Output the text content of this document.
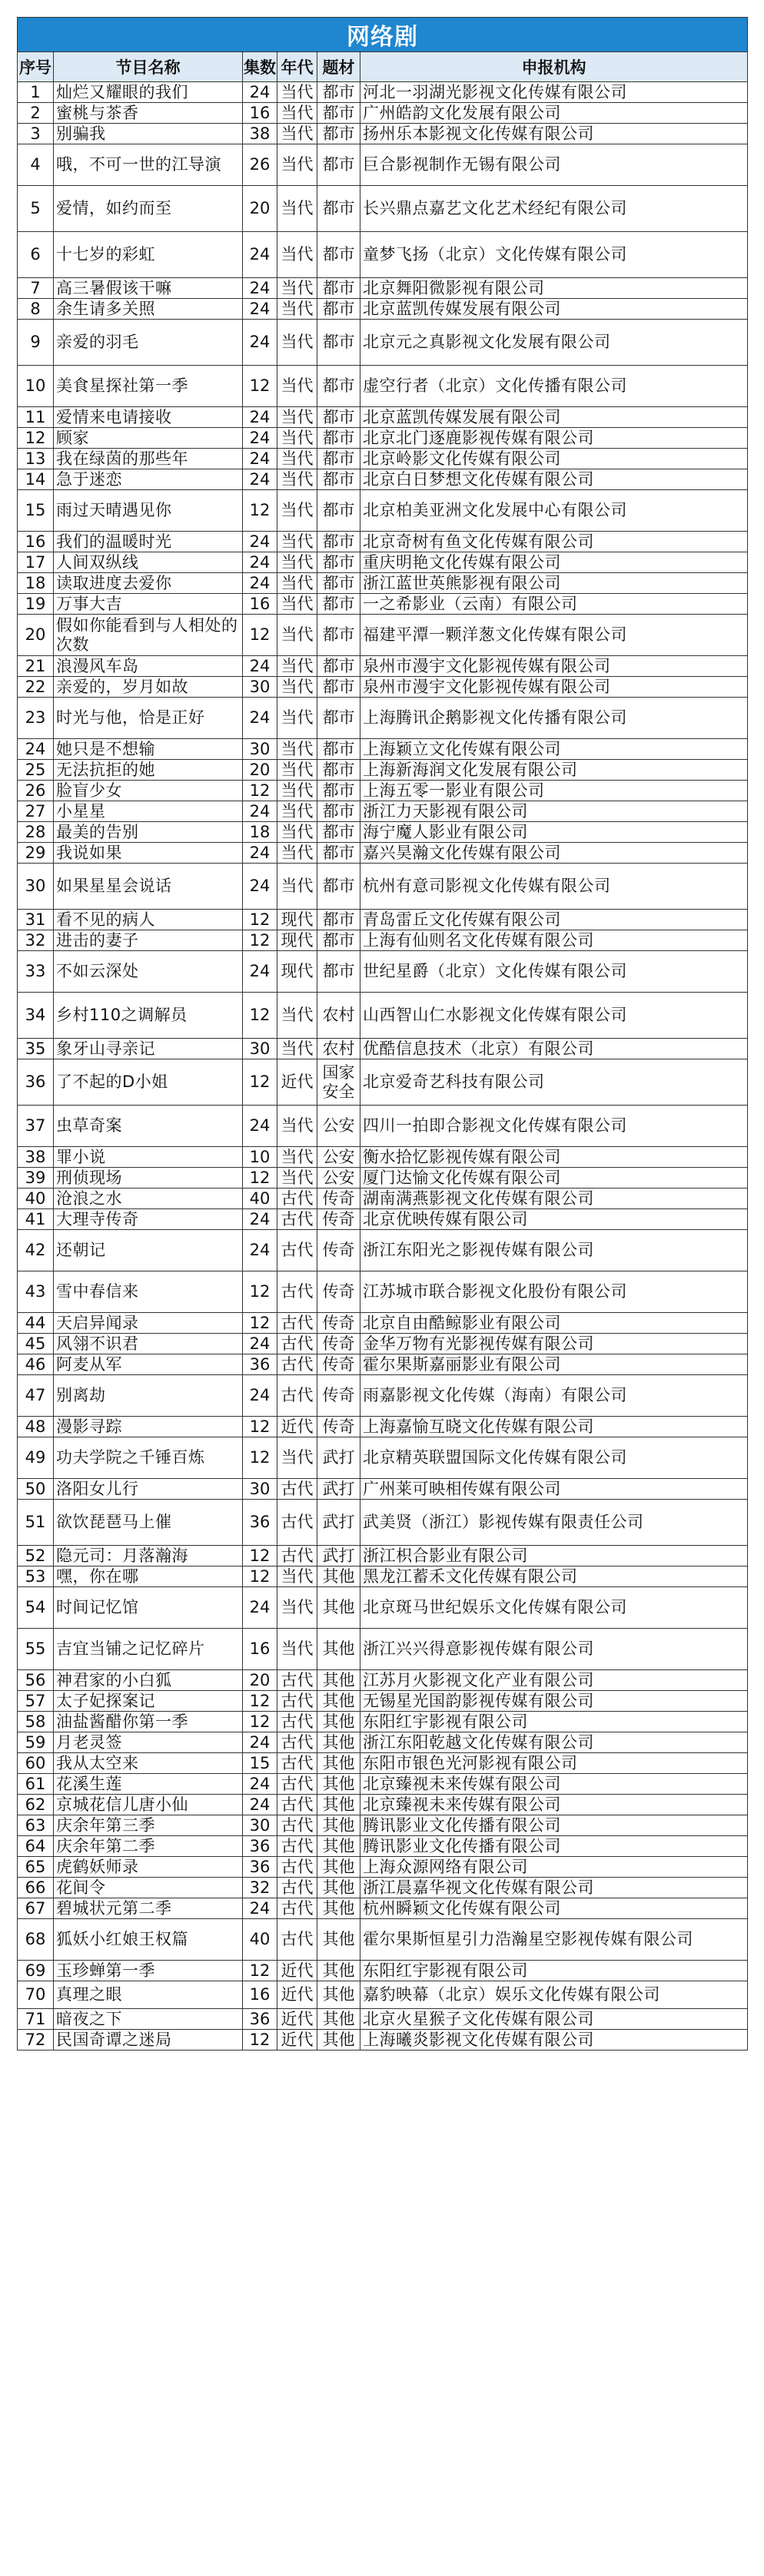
网络剧					
序号	节目名称	集数	年代	题材	申报机构
1	灿烂又耀眼的我们	24	当代	都市	河北一羽湖光影视文化传媒有限公司
2	蜜桃与茶香	16	当代	都市	广州皓韵文化发展有限公司
3	别骗我	38	当代	都市	扬州乐本影视文化传媒有限公司
4	哦，不可一世的江导演	26	当代	都市	巨合影视制作无锡有限公司
5	爱情，如约而至	20	当代	都市	长兴鼎点嘉艺文化艺术经纪有限公司
6	十七岁的彩虹	24	当代	都市	童梦飞扬（北京）文化传媒有限公司
7	高三暑假该干嘛	24	当代	都市	北京舞阳微影视有限公司
8	余生请多关照	24	当代	都市	北京蓝凯传媒发展有限公司
9	亲爱的羽毛	24	当代	都市	北京元之真影视文化发展有限公司
10	美食星探社第一季	12	当代	都市	虚空行者（北京）文化传播有限公司
11	爱情来电请接收	24	当代	都市	北京蓝凯传媒发展有限公司
12	顾家	24	当代	都市	北京北门逐鹿影视传媒有限公司
13	我在绿茵的那些年	24	当代	都市	北京岭影文化传媒有限公司
14	急于迷恋	24	当代	都市	北京白日梦想文化传媒有限公司
15	雨过天晴遇见你	12	当代	都市	北京柏美亚洲文化发展中心有限公司
16	我们的温暖时光	24	当代	都市	北京奇树有鱼文化传媒有限公司
17	人间双纵线	24	当代	都市	重庆明艳文化传媒有限公司
18	读取进度去爱你	24	当代	都市	浙江蓝世英熊影视有限公司
19	万事大吉	16	当代	都市	一之希影业（云南）有限公司
20	假如你能看到与人相处的次数	12	当代	都市	福建平潭一颗洋葱文化传媒有限公司
21	浪漫风车岛	24	当代	都市	泉州市漫宇文化影视传媒有限公司
22	亲爱的，岁月如故	30	当代	都市	泉州市漫宇文化影视传媒有限公司
23	时光与他，恰是正好	24	当代	都市	上海腾讯企鹅影视文化传播有限公司
24	她只是不想输	30	当代	都市	上海颖立文化传媒有限公司
25	无法抗拒的她	20	当代	都市	上海新海润文化发展有限公司
26	脸盲少女	12	当代	都市	上海五零一影业有限公司
27	小星星	24	当代	都市	浙江力天影视有限公司
28	最美的告别	18	当代	都市	海宁魔人影业有限公司
29	我说如果	24	当代	都市	嘉兴昊瀚文化传媒有限公司
30	如果星星会说话	24	当代	都市	杭州有意司影视文化传媒有限公司
31	看不见的病人	12	现代	都市	青岛雷丘文化传媒有限公司
32	进击的妻子	12	现代	都市	上海有仙则名文化传媒有限公司
33	不如云深处	24	现代	都市	世纪星爵（北京）文化传媒有限公司
34	乡村110之调解员	12	当代	农村	山西智山仁水影视文化传媒有限公司
35	象牙山寻亲记	30	当代	农村	优酷信息技术（北京）有限公司
36	了不起的D小姐	12	近代	国家安全	北京爱奇艺科技有限公司
37	虫草奇案	24	当代	公安	四川一拍即合影视文化传媒有限公司
38	罪小说	10	当代	公安	衡水拾忆影视传媒有限公司
39	刑侦现场	12	当代	公安	厦门达愉文化传媒有限公司
40	沧浪之水	40	古代	传奇	湖南满燕影视文化传媒有限公司
41	大理寺传奇	24	古代	传奇	北京优映传媒有限公司
42	还朝记	24	古代	传奇	浙江东阳光之影视传媒有限公司
43	雪中春信来	12	古代	传奇	江苏城市联合影视文化股份有限公司
44	天启异闻录	12	古代	传奇	北京自由酷鲸影业有限公司
45	风翎不识君	24	古代	传奇	金华万物有光影视传媒有限公司
46	阿麦从军	36	古代	传奇	霍尔果斯嘉丽影业有限公司
47	别离劫	24	古代	传奇	雨嘉影视文化传媒（海南）有限公司
48	漫影寻踪	12	近代	传奇	上海嘉愉互晓文化传媒有限公司
49	功夫学院之千锤百炼	12	当代	武打	北京精英联盟国际文化传媒有限公司
50	洛阳女儿行	30	古代	武打	广州莱可映相传媒有限公司
51	欲饮琵琶马上催	36	古代	武打	武美贤（浙江）影视传媒有限责任公司
52	隐元司：月落瀚海	12	古代	武打	浙江枳合影业有限公司
53	嘿，你在哪	12	当代	其他	黑龙江蓄禾文化传媒有限公司
54	时间记忆馆	24	当代	其他	北京斑马世纪娱乐文化传媒有限公司
55	吉宜当铺之记忆碎片	16	当代	其他	浙江兴兴得意影视传媒有限公司
56	神君家的小白狐	20	古代	其他	江苏月火影视文化产业有限公司
57	太子妃探案记	12	古代	其他	无锡星光国韵影视传媒有限公司
58	油盐酱醋你第一季	12	古代	其他	东阳红宇影视有限公司
59	月老灵签	24	古代	其他	浙江东阳乾越文化传媒有限公司
60	我从太空来	15	古代	其他	东阳市银色光河影视有限公司
61	花溪生莲	24	古代	其他	北京臻视未来传媒有限公司
62	京城花信儿唐小仙	24	古代	其他	北京臻视未来传媒有限公司
63	庆余年第三季	30	古代	其他	腾讯影业文化传播有限公司
64	庆余年第二季	36	古代	其他	腾讯影业文化传播有限公司
65	虎鹤妖师录	36	古代	其他	上海众源网络有限公司
66	花间令	32	古代	其他	浙江晨嘉华视文化传媒有限公司
67	碧城状元第二季	24	古代	其他	杭州瞬颖文化传媒有限公司
68	狐妖小红娘王权篇	40	古代	其他	霍尔果斯恒星引力浩瀚星空影视传媒有限公司
69	玉珍蝉第一季	12	近代	其他	东阳红宇影视有限公司
70	真理之眼	16	近代	其他	嘉豹映幕（北京）娱乐文化传媒有限公司
71	暗夜之下	36	近代	其他	北京火星猴子文化传媒有限公司
72	民国奇谭之迷局	12	近代	其他	上海曦炎影视文化传媒有限公司
